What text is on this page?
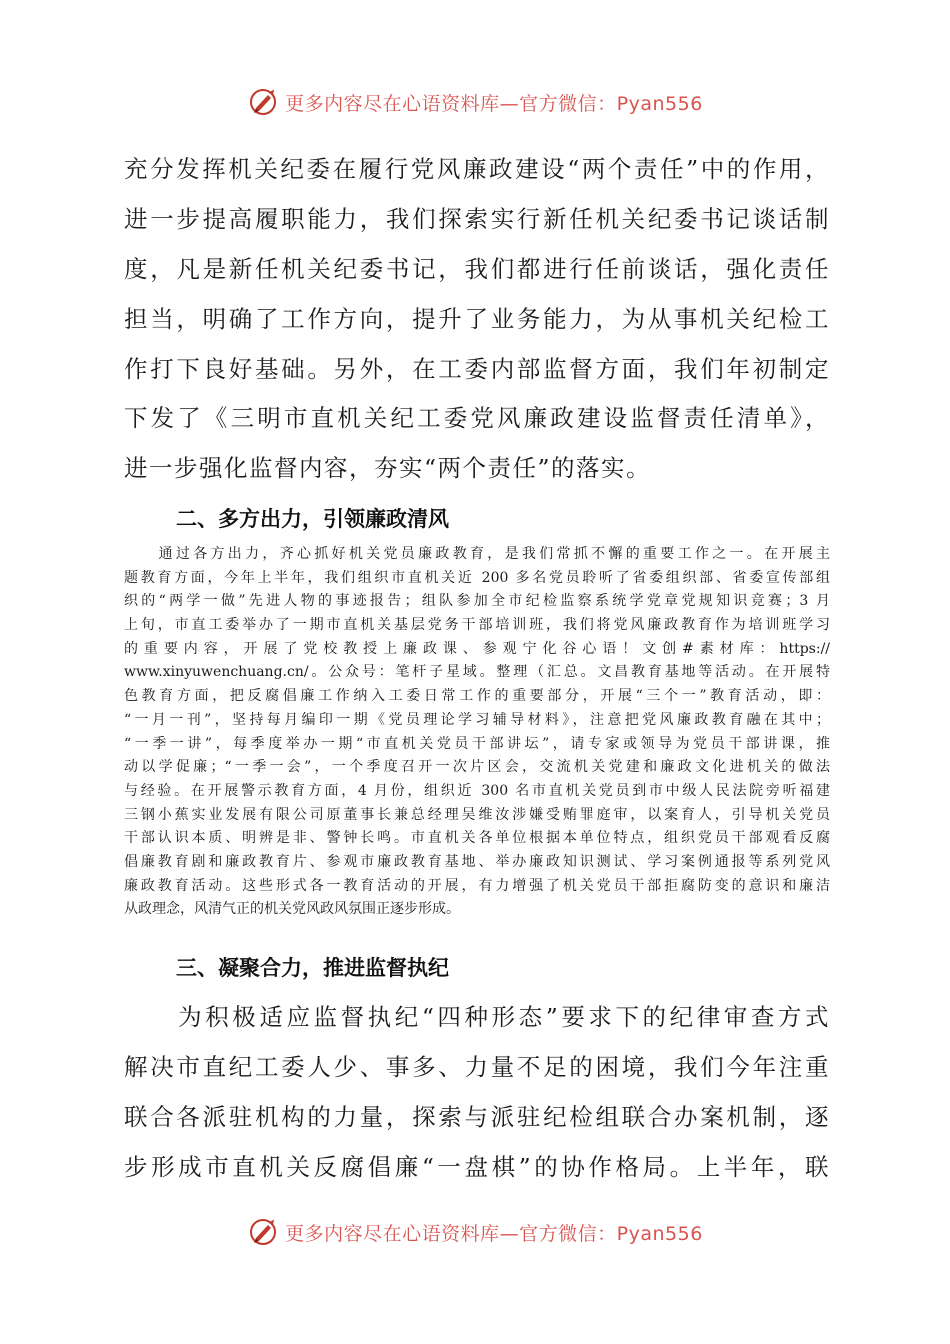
更多内容尽在心语资料库—官方微信：Pyan556
充分发挥机关纪委在履行党风廉政建设“两个责任”中的作用，
进一步提高履职能力，我们探索实行新任机关纪委书记谈话制
度，凡是新任机关纪委书记，我们都进行任前谈话，强化责任
担当，明确了工作方向，提升了业务能力，为从事机关纪检工
作打下良好基础。另外，在工委内部监督方面，我们年初制定
下发了《三明市直机关纪工委党风廉政建设监督责任清单》，
进一步强化监督内容，夯实“两个责任”的落实。
二、多方出力，引领廉政清风
　　通过各方出力，齐心抓好机关党员廉政教育，是我们常抓不懈的重要工作之一。在开展主
题教育方面，今年上半年，我们组织市直机关近 200 多名党员聆听了省委组织部、省委宣传部组
织的“两学一做”先进人物的事迹报告；组队参加全市纪检监察系统学党章党规知识竞赛；3 月
上旬，市直工委举办了一期市直机关基层党务干部培训班，我们将党风廉政教育作为培训班学习
的重要内容，开展了党校教授上廉政课、参观宁化谷心语！文创#素材库：https://
www.xinyuwenchuang.cn/。公众号：笔杆子星域。整理（汇总。文昌教育基地等活动。在开展特
色教育方面，把反腐倡廉工作纳入工委日常工作的重要部分，开展“三个一”教育活动，即：
“一月一刊”，坚持每月编印一期《党员理论学习辅导材料》，注意把党风廉政教育融在其中；
“一季一讲”，每季度举办一期“市直机关党员干部讲坛”，请专家或领导为党员干部讲课，推
动以学促廉；“一季一会”，一个季度召开一次片区会，交流机关党建和廉政文化进机关的做法
与经验。在开展警示教育方面，4 月份，组织近 300 名市直机关党员到市中级人民法院旁听福建
三钢小蕉实业发展有限公司原董事长兼总经理吴维汝涉嫌受贿罪庭审，以案育人，引导机关党员
干部认识本质、明辨是非、警钟长鸣。市直机关各单位根据本单位特点，组织党员干部观看反腐
倡廉教育剧和廉政教育片、参观市廉政教育基地、举办廉政知识测试、学习案例通报等系列党风
廉政教育活动。这些形式各一教育活动的开展，有力增强了机关党员干部拒腐防变的意识和廉洁
从政理念，风清气正的机关党风政风氛围正逐步形成。
三、凝聚合力，推进监督执纪
　　为积极适应监督执纪“四种形态”要求下的纪律审查方式
解决市直纪工委人少、事多、力量不足的困境，我们今年注重
联合各派驻机构的力量，探索与派驻纪检组联合办案机制，逐
步形成市直机关反腐倡廉“一盘棋”的协作格局。上半年，联
更多内容尽在心语资料库—官方微信：Pyan556
